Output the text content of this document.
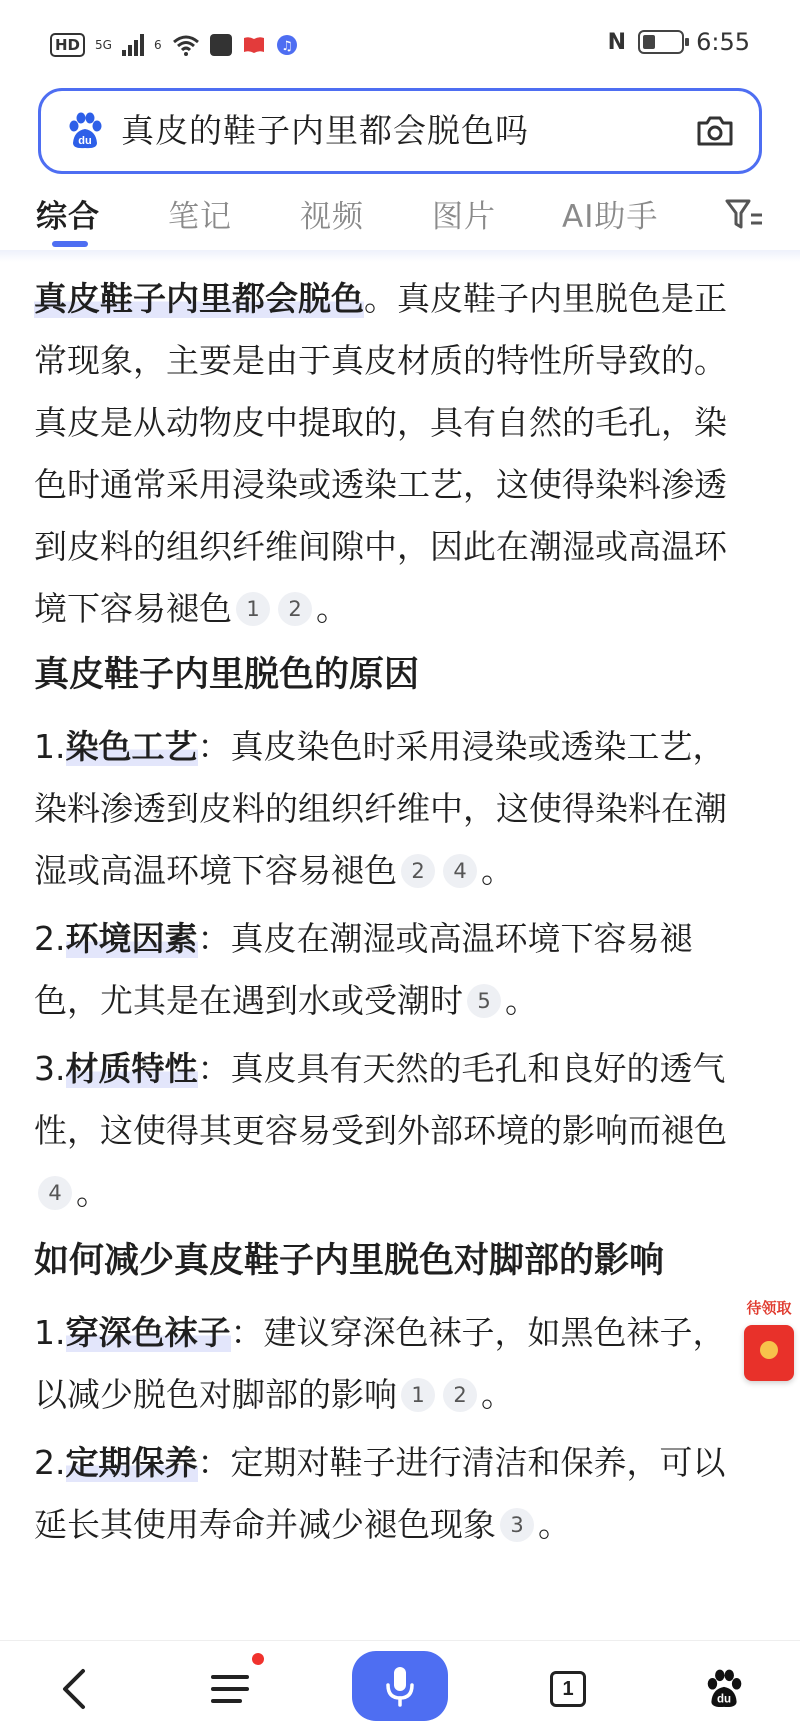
HD	5G	6	♫	N	6:55
du 真皮的鞋子内里都会脱色吗
综合 笔记 视频 图片 AI助手

真皮鞋子内里都会脱色。真皮鞋子内里脱色是正常现象，主要是由于真皮材质的特性所导致的。真皮是从动物皮中提取的，具有自然的毛孔，染色时通常采用浸染或透染工艺，这使得染料渗透到皮料的组织纤维间隙中，因此在潮湿或高温环境下容易褪色 1 2 。

真皮鞋子内里脱色的原因

1.染色工艺：真皮染色时采用浸染或透染工艺，染料渗透到皮料的组织纤维中，这使得染料在潮湿或高温环境下容易褪色 2 4 。

2.环境因素：真皮在潮湿或高温环境下容易褪色，尤其是在遇到水或受潮时 5 。

3.材质特性：真皮具有天然的毛孔和良好的透气性，这使得其更容易受到外部环境的影响而褪色4 。

如何减少真皮鞋子内里脱色对脚部的影响

1.穿深色袜子：建议穿深色袜子，如黑色袜子，以减少脱色对脚部的影响 1 2 。

2.定期保养：定期对鞋子进行清洁和保养，可以延长其使用寿命并减少褪色现象 3 。

待领取
1	du
